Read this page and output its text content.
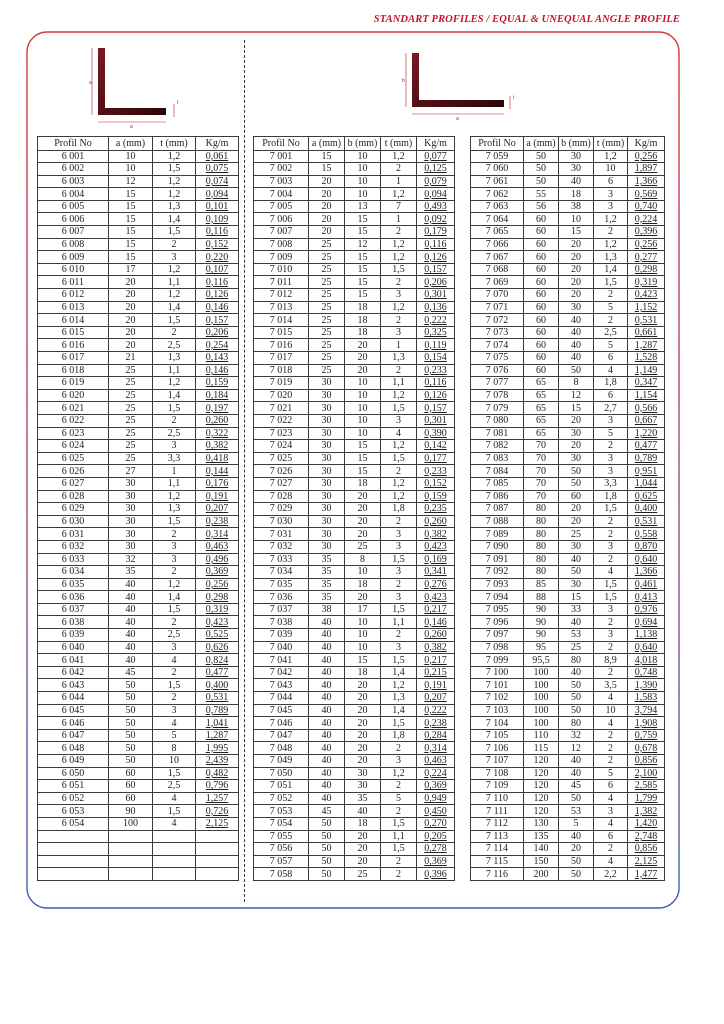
STANDART PROFILES / EQUAL & UNEQUAL ANGLE PROFILE
a
t
a
b
t
a
Profil No	a (mm)	t (mm)	Kg/m
6 001	10	1,2	0,061
6 002	10	1,5	0,075
6 003	12	1,2	0,074
6 004	15	1,2	0,094
6 005	15	1,3	0,101
6 006	15	1,4	0,109
6 007	15	1,5	0,116
6 008	15	2	0,152
6 009	15	3	0,220
6 010	17	1,2	0,107
6 011	20	1,1	0,116
6 012	20	1,2	0,126
6 013	20	1,4	0,146
6 014	20	1,5	0,157
6 015	20	2	0,206
6 016	20	2,5	0,254
6 017	21	1,3	0,143
6 018	25	1,1	0,146
6 019	25	1,2	0,159
6 020	25	1,4	0,184
6 021	25	1,5	0,197
6 022	25	2	0,260
6 023	25	2,5	0,322
6 024	25	3	0,382
6 025	25	3,3	0,418
6 026	27	1	0,144
6 027	30	1,1	0,176
6 028	30	1,2	0,191
6 029	30	1,3	0,207
6 030	30	1,5	0,238
6 031	30	2	0,314
6 032	30	3	0,463
6 033	32	3	0,496
6 034	35	2	0,369
6 035	40	1,2	0,256
6 036	40	1,4	0,298
6 037	40	1,5	0,319
6 038	40	2	0,423
6 039	40	2,5	0,525
6 040	40	3	0,626
6 041	40	4	0,824
6 042	45	2	0,477
6 043	50	1,5	0,400
6 044	50	2	0,531
6 045	50	3	0,789
6 046	50	4	1,041
6 047	50	5	1,287
6 048	50	8	1,995
6 049	50	10	2,439
6 050	60	1,5	0,482
6 051	60	2,5	0,796
6 052	60	4	1,257
6 053	90	1,5	0,726
6 054	100	4	2,125

Profil No	a (mm)	b (mm)	t (mm)	Kg/m
7 001	15	10	1,2	0,077
7 002	15	10	2	0,125
7 003	20	10	1	0,079
7 004	20	10	1,2	0,094
7 005	20	13	7	0,493
7 006	20	15	1	0,092
7 007	20	15	2	0,179
7 008	25	12	1,2	0,116
7 009	25	15	1,2	0,126
7 010	25	15	1,5	0,157
7 011	25	15	2	0,206
7 012	25	15	3	0,301
7 013	25	18	1,2	0,136
7 014	25	18	2	0,222
7 015	25	18	3	0,325
7 016	25	20	1	0,119
7 017	25	20	1,3	0,154
7 018	25	20	2	0,233
7 019	30	10	1,1	0,116
7 020	30	10	1,2	0,126
7 021	30	10	1,5	0,157
7 022	30	10	3	0,301
7 023	30	10	4	0,390
7 024	30	15	1,2	0,142
7 025	30	15	1,5	0,177
7 026	30	15	2	0,233
7 027	30	18	1,2	0,152
7 028	30	20	1,2	0,159
7 029	30	20	1,8	0,235
7 030	30	20	2	0,260
7 031	30	20	3	0,382
7 032	30	25	3	0,423
7 033	35	8	1,5	0,169
7 034	35	10	3	0,341
7 035	35	18	2	0,276
7 036	35	20	3	0,423
7 037	38	17	1,5	0,217
7 038	40	10	1,1	0,146
7 039	40	10	2	0,260
7 040	40	10	3	0,382
7 041	40	15	1,5	0,217
7 042	40	18	1,4	0,215
7 043	40	20	1,2	0,191
7 044	40	20	1,3	0,207
7 045	40	20	1,4	0,222
7 046	40	20	1,5	0,238
7 047	40	20	1,8	0,284
7 048	40	20	2	0,314
7 049	40	20	3	0,463
7 050	40	30	1,2	0,224
7 051	40	30	2	0,369
7 052	40	35	5	0,949
7 053	45	40	2	0,450
7 054	50	18	1,5	0,270
7 055	50	20	1,1	0,205
7 056	50	20	1,5	0,278
7 057	50	20	2	0,369
7 058	50	25	2	0,396
Profil No	a (mm)	b (mm)	t (mm)	Kg/m
7 059	50	30	1,2	0,256
7 060	50	30	10	1,897
7 061	50	40	6	1,366
7 062	55	18	3	0,569
7 063	56	38	3	0,740
7 064	60	10	1,2	0,224
7 065	60	15	2	0,396
7 066	60	20	1,2	0,256
7 067	60	20	1,3	0,277
7 068	60	20	1,4	0,298
7 069	60	20	1,5	0,319
7 070	60	20	2	0,423
7 071	60	30	5	1,152
7 072	60	40	2	0,531
7 073	60	40	2,5	0,661
7 074	60	40	5	1,287
7 075	60	40	6	1,528
7 076	60	50	4	1,149
7 077	65	8	1,8	0,347
7 078	65	12	6	1,154
7 079	65	15	2,7	0,566
7 080	65	20	3	0,667
7 081	65	30	5	1,220
7 082	70	20	2	0,477
7 083	70	30	3	0,789
7 084	70	50	3	0,951
7 085	70	50	3,3	1,044
7 086	70	60	1,8	0,625
7 087	80	20	1,5	0,400
7 088	80	20	2	0,531
7 089	80	25	2	0,558
7 090	80	30	3	0,870
7 091	80	40	2	0,640
7 092	80	50	4	1,366
7 093	85	30	1,5	0,461
7 094	88	15	1,5	0,413
7 095	90	33	3	0,976
7 096	90	40	2	0,694
7 097	90	53	3	1,138
7 098	95	25	2	0,640
7 099	95,5	80	8,9	4,018
7 100	100	40	2	0,748
7 101	100	50	3,5	1,390
7 102	100	50	4	1,583
7 103	100	50	10	3,794
7 104	100	80	4	1,908
7 105	110	32	2	0,759
7 106	115	12	2	0,678
7 107	120	40	2	0,856
7 108	120	40	5	2,100
7 109	120	45	6	2,585
7 110	120	50	4	1,799
7 111	120	53	3	1,382
7 112	130	5	4	1,420
7 113	135	40	6	2,748
7 114	140	20	2	0,856
7 115	150	50	4	2,125
7 116	200	50	2,2	1,477
